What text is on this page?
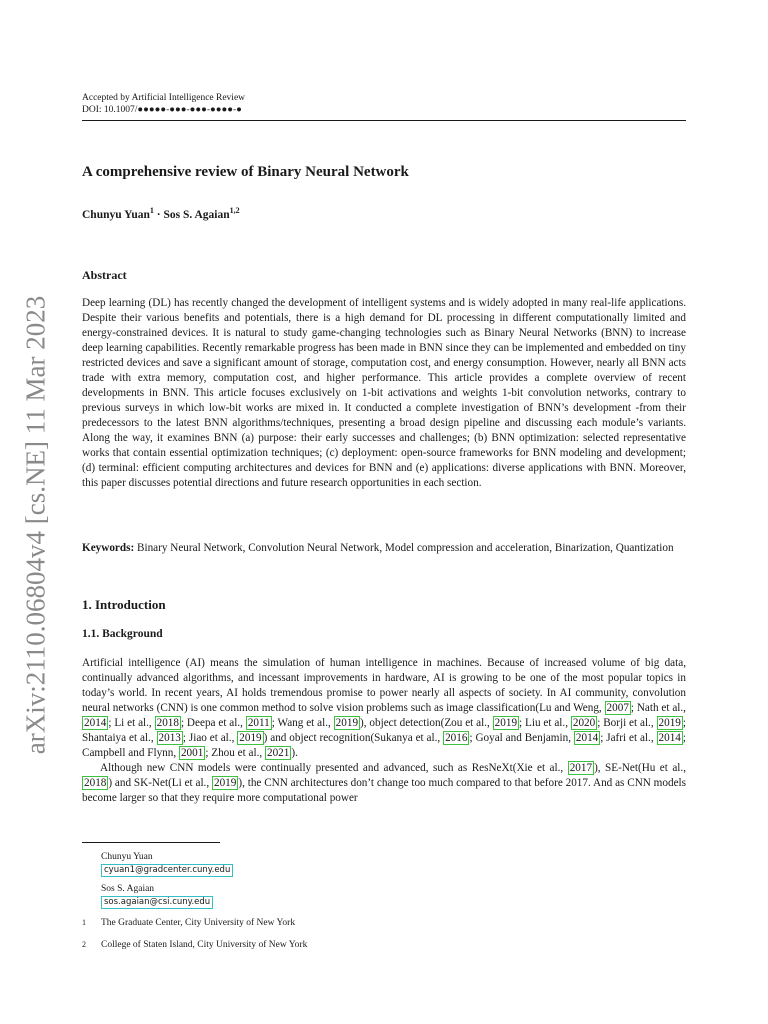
arXiv:2110.06804v4 [cs.NE] 11 Mar 2023
Accepted by Artificial Intelligence Review
DOI: 10.1007/●●●●●-●●●-●●●-●●●●-●
A comprehensive review of Binary Neural Network
Chunyu Yuan$^1$ · Sos S. Agaian$^{1,2}$
Abstract
Deep learning (DL) has recently changed the development of intelligent systems and is widely adopted in many real-life applications. Despite their various benefits and potentials, there is a high demand for DL processing in different computationally limited and energy-constrained devices. It is natural to study game-changing technologies such as Binary Neural Networks (BNN) to increase deep learning capabilities. Recently remarkable progress has been made in BNN since they can be implemented and embedded on tiny restricted devices and save a significant amount of storage, computation cost, and energy consumption. However, nearly all BNN acts trade with extra memory, computation cost, and higher performance. This article provides a complete overview of recent developments in BNN. This article focuses exclusively on 1-bit activations and weights 1-bit convolution networks, contrary to previous surveys in which low-bit works are mixed in. It conducted a complete investigation of BNN’s development -from their predecessors to the latest BNN algorithms/techniques, presenting a broad design pipeline and discussing each module’s variants. Along the way, it examines BNN (a) purpose: their early successes and challenges; (b) BNN optimization: selected representative works that contain essential optimization techniques; (c) deployment: open-source frameworks for BNN modeling and development; (d) terminal: efficient computing architectures and devices for BNN and (e) applications: diverse applications with BNN. Moreover, this paper discusses potential directions and future research opportunities in each section.
Keywords: Binary Neural Network, Convolution Neural Network, Model compression and acceleration, Binarization, Quantization
1. Introduction
1.1. Background

Artificial intelligence (AI) means the simulation of human intelligence in machines. Because of increased volume of big data, continually advanced algorithms, and incessant improvements in hardware, AI is growing to be one of the most popular topics in today’s world. In recent years, AI holds tremendous promise to power nearly all aspects of society. In AI community, convolution neural networks (CNN) is one common method to solve vision problems such as image classification(Lu and Weng, 2007 ; Nath et al., 2014 ; Li et al., 2018 ; Deepa et al., 2011 ; Wang et al., 2019 ), object detection(Zou et al., 2019 ; Liu et al., 2020 ; Borji et al., 2019 ; Shantaiya et al., 2013 ; Jiao et al., 2019 ) and object recognition(Sukanya et al., 2016 ; Goyal and Benjamin, 2014 ; Jafri et al., 2014 ; Campbell and Flynn, 2001 ; Zhou et al., 2021 ).

Although new CNN models were continually presented and advanced, such as ResNeXt(Xie et al., 2017 ), SE-Net(Hu et al., 2018 ) and SK-Net(Li et al., 2019 ), the CNN architectures don’t change too much compared to that before 2017. And as CNN models become larger so that they require more computational power

Chunyu Yuan
cyuan1@gradcenter.cuny.edu
Sos S. Agaian
sos.agaian@csi.cuny.edu
1 The Graduate Center, City University of New York
2 College of Staten Island, City University of New York
